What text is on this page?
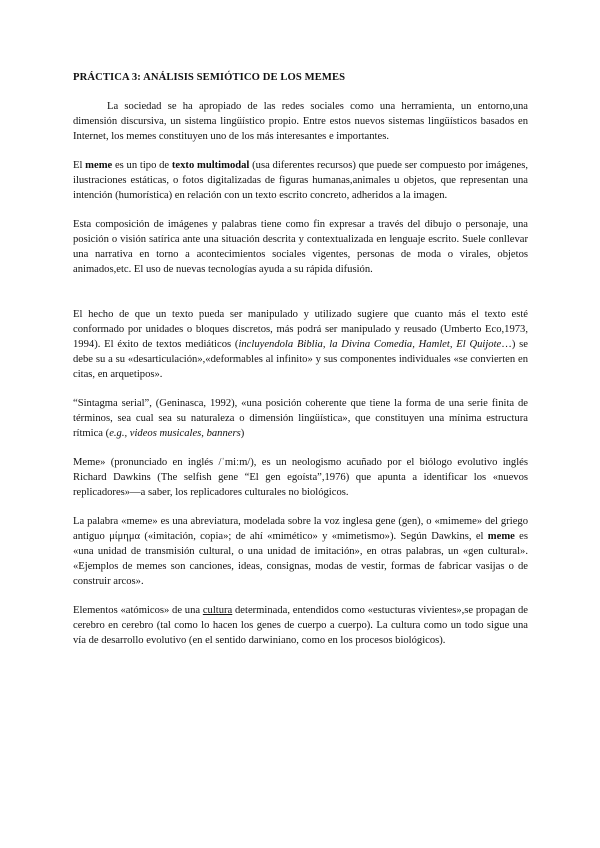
PRÁCTICA 3: ANÁLISIS SEMIÓTICO DE LOS MEMES

La sociedad se ha apropiado de las redes sociales como una herramienta, un entorno,una dimensión discursiva, un sistema lingüístico propio. Entre estos nuevos sistemas lingüísticos basados en Internet, los memes constituyen uno de los más interesantes e importantes.

El meme es un tipo de texto multimodal (usa diferentes recursos) que puede ser compuesto por imágenes, ilustraciones estáticas, o fotos digitalizadas de figuras humanas,animales u objetos, que representan una intención (humorística) en relación con un texto escrito concreto, adheridos a la imagen.

Esta composición de imágenes y palabras tiene como fin expresar a través del dibujo o personaje, una posición o visión satírica ante una situación descrita y contextualizada en lenguaje escrito. Suele conllevar una narrativa en torno a acontecimientos sociales vigentes, personas de moda o virales, objetos animados,etc. El uso de nuevas tecnologías ayuda a su rápida difusión.

El hecho de que un texto pueda ser manipulado y utilizado sugiere que cuanto más el texto esté conformado por unidades o bloques discretos, más podrá ser manipulado y reusado (Umberto Eco,1973, 1994). El éxito de textos mediáticos (incluyendola Biblia, la Divina Comedia, Hamlet, El Quijote…) se debe su a su «desarticulación»,«deformables al infinito» y sus componentes individuales «se convierten en citas, en arquetipos».

“Sintagma serial”, (Geninasca, 1992), «una posición coherente que tiene la forma de una serie finita de términos, sea cual sea su naturaleza o dimensión lingüística», que constituyen una mínima estructura rítmica (e.g., videos musicales, banners)

Meme» (pronunciado en inglés /ˈmiːm/), es un neologismo acuñado por el biólogo evolutivo inglés Richard Dawkins (The selfish gene “El gen egoísta”,1976) que apunta a identificar los «nuevos replicadores»—a saber, los replicadores culturales no biológicos.

La palabra «meme» es una abreviatura, modelada sobre la voz inglesa gene (gen), o «mimeme» del griego antiguo μίμημα («imitación, copia»; de ahí «mimético» y «mimetismo»). Según Dawkins, el meme es «una unidad de transmisión cultural, o una unidad de imitación», en otras palabras, un «gen cultural». «Ejemplos de memes son canciones, ideas, consignas, modas de vestir, formas de fabricar vasijas o de construir arcos».

Elementos «atómicos» de una cultura determinada, entendidos como «estucturas vivientes»,se propagan de cerebro en cerebro (tal como lo hacen los genes de cuerpo a cuerpo). La cultura como un todo sigue una vía de desarrollo evolutivo (en el sentido darwiniano, como en los procesos biológicos).
